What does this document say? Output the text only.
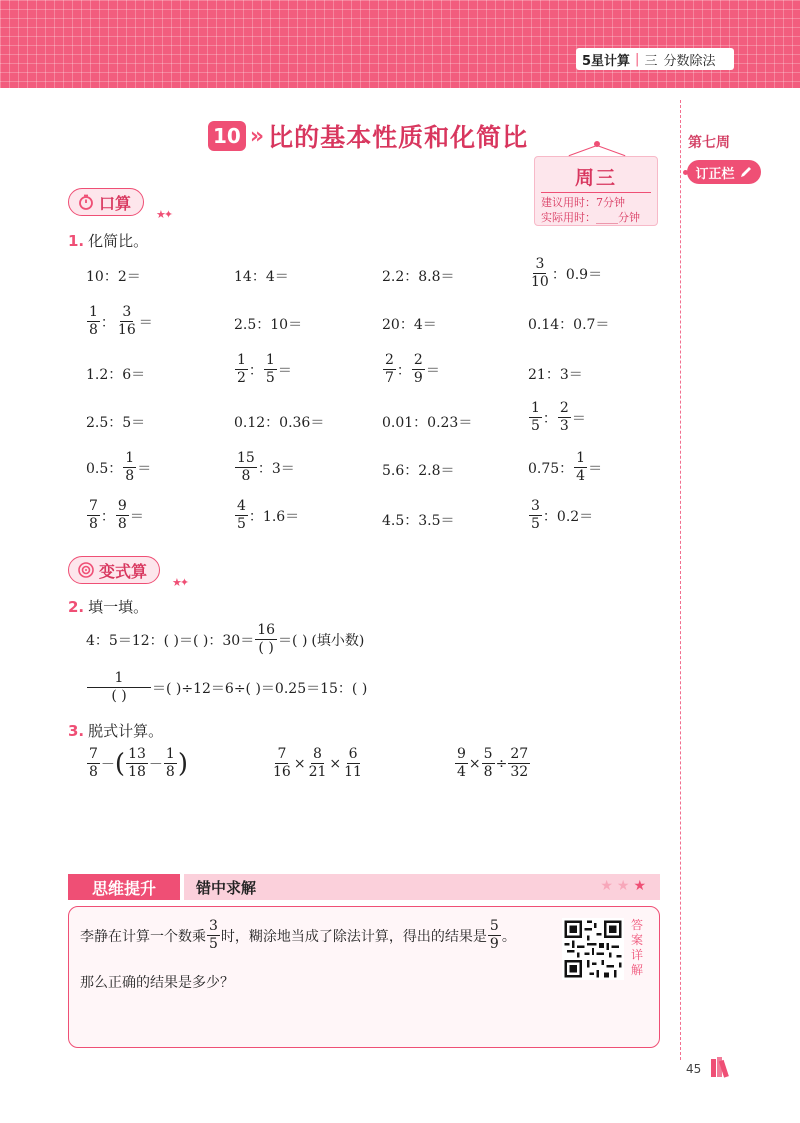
5星计算 | 三 分数除法
第七周
订正栏
10 » 比的基本性质和化简比
周三
建议用时：7分钟
实际用时：____分钟
口算
★✦
1. 化简比。
10：2＝	14：4＝	2.2：8.8＝	$\frac{3}{10}$ ：0.9＝
$\frac{1}{8}$ ： $\frac{3}{16}$ ＝	2.5：10＝	20：4＝	0.14：0.7＝
1.2：6＝	$\frac{1}{2}$ ： $\frac{1}{5}$ ＝	$\frac{2}{7}$ ： $\frac{2}{9}$ ＝	21：3＝
2.5：5＝	0.12：0.36＝	0.01：0.23＝	$\frac{1}{5}$ ： $\frac{2}{3}$ ＝
0.5： $\frac{1}{8}$ ＝	$\frac{15}{8}$ ：3＝	5.6：2.8＝	0.75： $\frac{1}{4}$ ＝
$\frac{7}{8}$ ： $\frac{9}{8}$ ＝	$\frac{4}{5}$ ：1.6＝	4.5：3.5＝	$\frac{3}{5}$ ：0.2＝
变式算
★✦
2. 填一填。
4：5＝12：( )＝( )：$30= \frac{16}{( )}$ ＝( ) (填小数)
$\frac{1}{( )}$ ＝( )÷12＝6÷( )＝0.25＝15：( )
3. 脱式计算。
$\frac{7}{8}$ － ( $\frac{13}{18} - \frac{1}{8}$ )	$\frac{7}{16} \times \frac{8}{21} \times \frac{6}{11}$	$\frac{9}{4} \times \frac{5}{8} \div \frac{27}{32}$
思维提升	错中求解	★★★
李静在计算一个数乘 $\frac{3}{5}$ 时，糊涂地当成了除法计算，得出的结果是 $\frac{5}{9}$ 。
那么正确的结果是多少？
答案详解
45
